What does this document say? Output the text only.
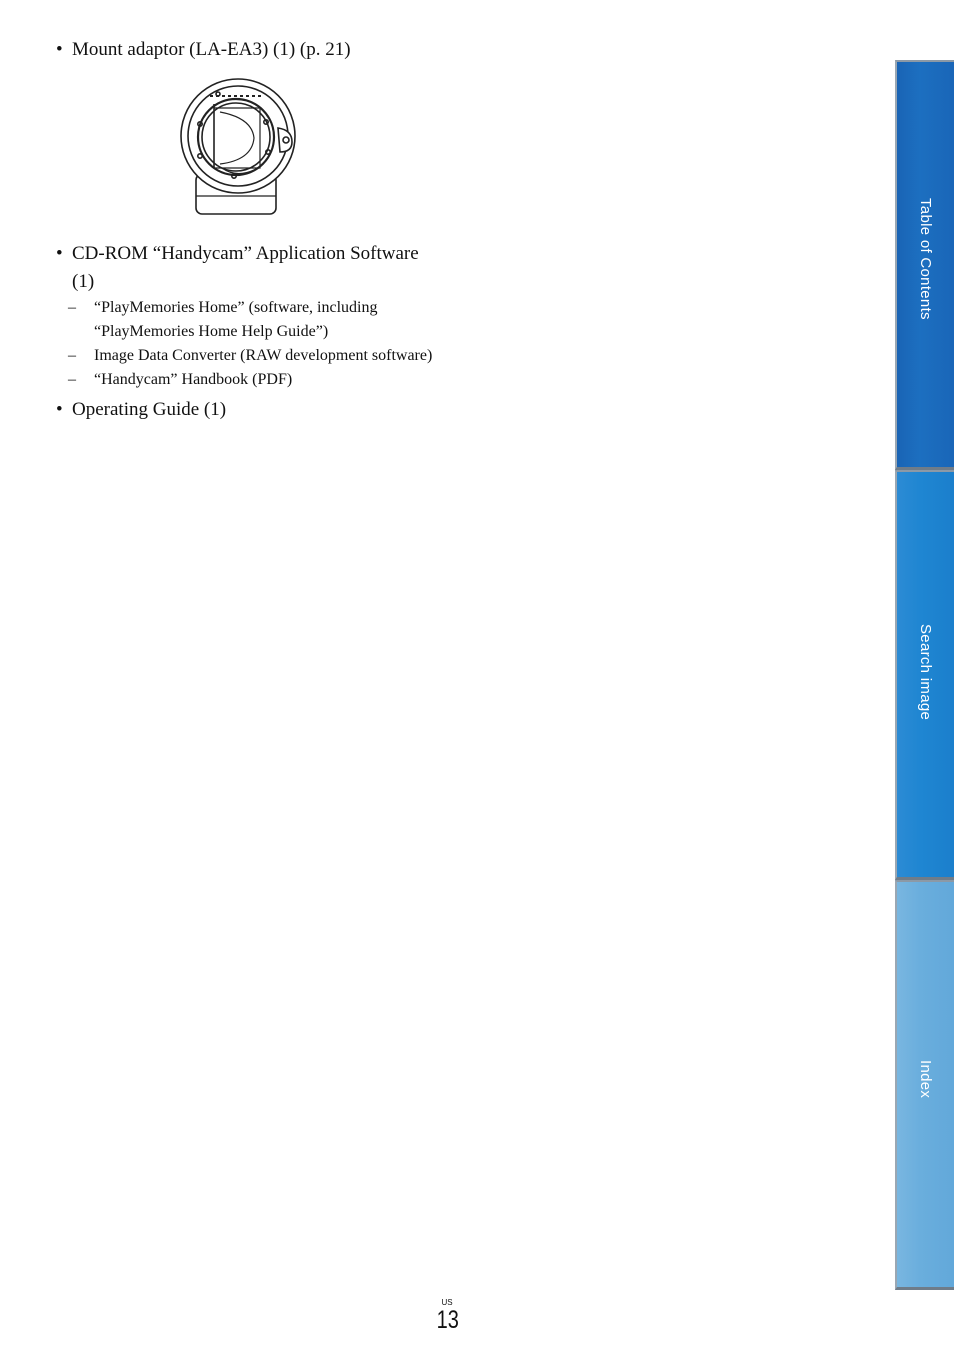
• Mount adaptor (LA-EA3) (1) (p. 21)
• CD-ROM “Handycam” Application Software (1)
– “PlayMemories Home” (software, including “PlayMemories Home Help Guide”)
– Image Data Converter (RAW development software)
– “Handycam” Handbook (PDF)
• Operating Guide (1)
Table of Contents
Search image
Index
US
13
